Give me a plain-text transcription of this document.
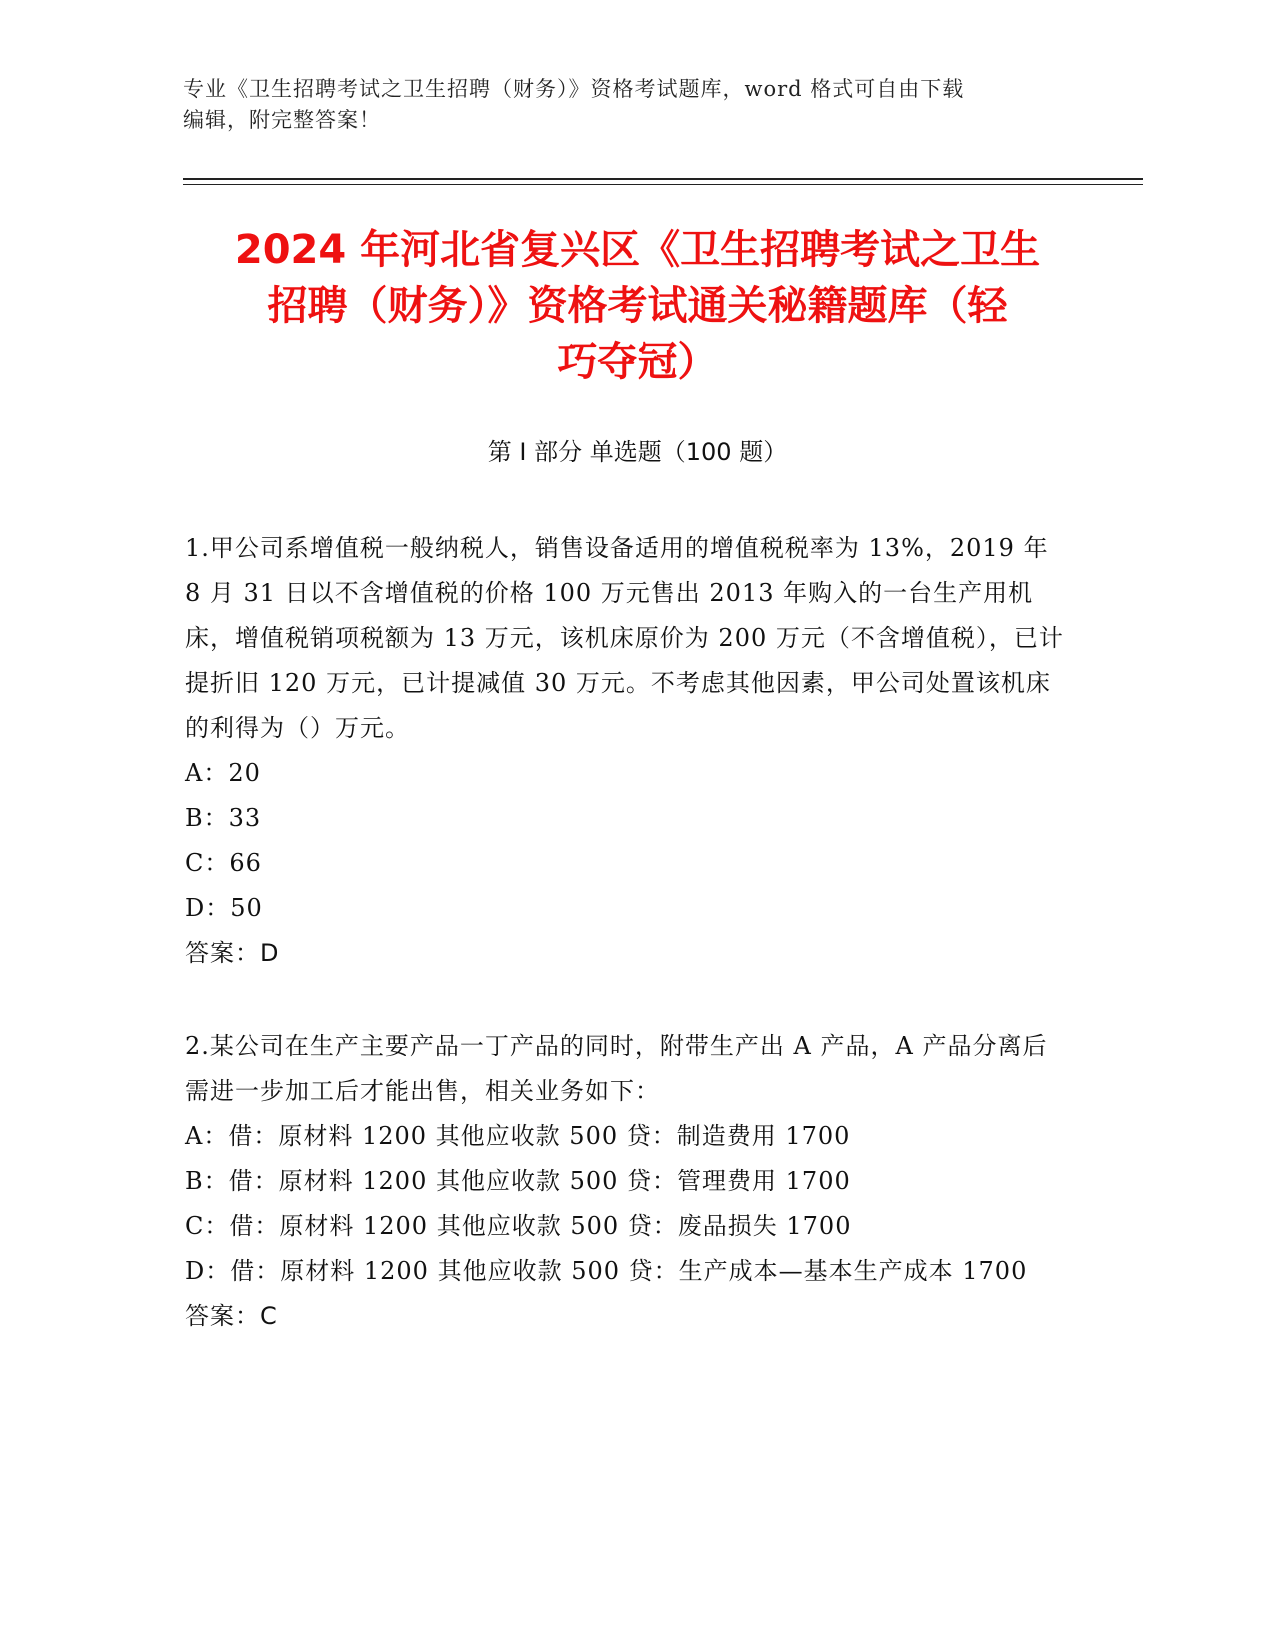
专业《卫生招聘考试之卫生招聘（财务）》资格考试题库，word 格式可自由下载
编辑，附完整答案！
2024 年河北省复兴区《卫生招聘考试之卫生
招聘（财务）》资格考试通关秘籍题库（轻
巧夺冠）
第 I 部分 单选题（100 题）

1.甲公司系增值税一般纳税人，销售设备适用的增值税税率为 13%，2019 年 8 月 31 日以不含增值税的价格 100 万元售出 2013 年购入的一台生产用机床，增值税销项税额为 13 万元，该机床原价为 200 万元（不含增值税），已计提折旧 120 万元，已计提减值 30 万元。不考虑其他因素，甲公司处置该机床的利得为（）万元。

A：20

B：33

C：66

D：50

答案：D

2.某公司在生产主要产品一丁产品的同时，附带生产出 A 产品，A 产品分离后需进一步加工后才能出售，相关业务如下：

A：借：原材料 1200 其他应收款 500 贷：制造费用 1700

B：借：原材料 1200 其他应收款 500 贷：管理费用 1700

C：借：原材料 1200 其他应收款 500 贷：废品损失 1700

D：借：原材料 1200 其他应收款 500 贷：生产成本—基本生产成本 1700

答案：C
